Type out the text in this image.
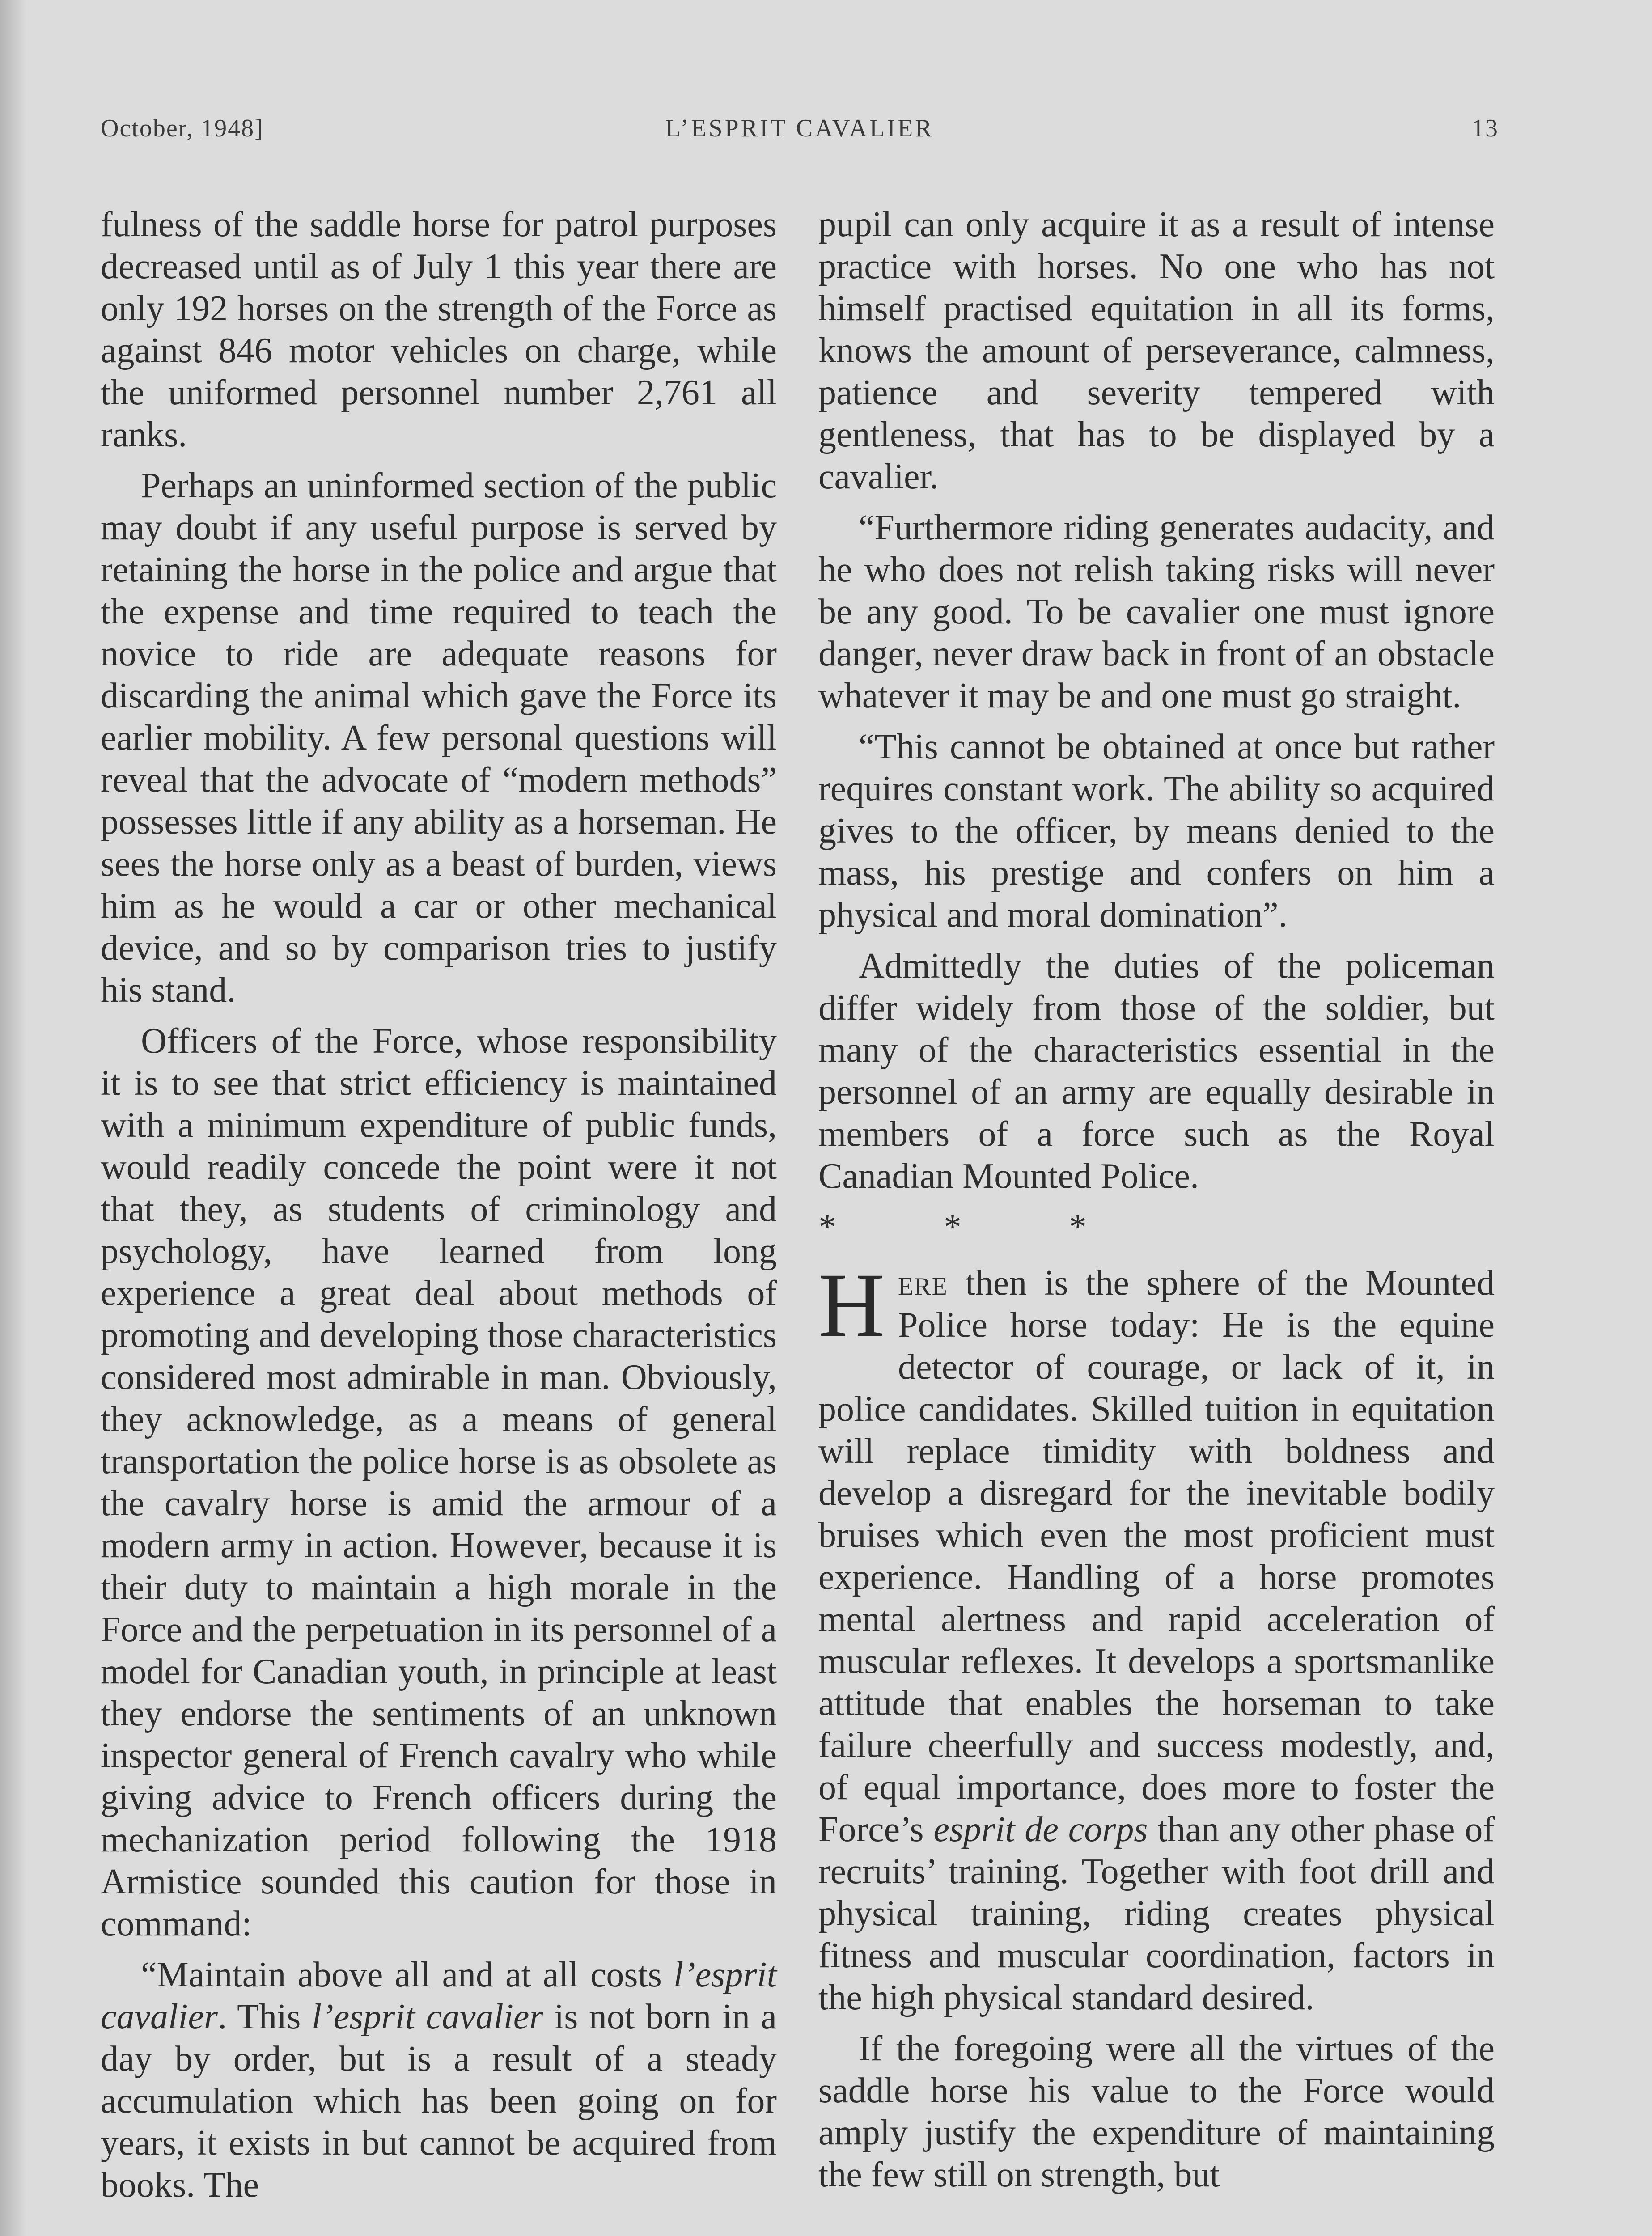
October, 1948]	L’ESPRIT CAVALIER	13

fulness of the saddle horse for patrol purposes decreased until as of July 1 this year there are only 192 horses on the strength of the Force as against 846 motor vehicles on charge, while the uniformed personnel number 2,761 all ranks.

Perhaps an uninformed section of the public may doubt if any useful purpose is served by retaining the horse in the police and argue that the expense and time required to teach the novice to ride are adequate reasons for discarding the animal which gave the Force its earlier mobility. A few personal questions will reveal that the advocate of “modern methods” possesses little if any ability as a horseman. He sees the horse only as a beast of burden, views him as he would a car or other mechanical device, and so by comparison tries to justify his stand.

Officers of the Force, whose responsibility it is to see that strict efficiency is maintained with a minimum expenditure of public funds, would readily concede the point were it not that they, as students of criminology and psychology, have learned from long experience a great deal about methods of promoting and developing those characteristics considered most admirable in man. Obviously, they acknowledge, as a means of general transportation the police horse is as obsolete as the cavalry horse is amid the armour of a modern army in action. However, because it is their duty to maintain a high morale in the Force and the perpetuation in its personnel of a model for Canadian youth, in principle at least they endorse the sentiments of an unknown inspector general of French cavalry who while giving advice to French officers during the mechanization period following the 1918 Armistice sounded this caution for those in command:

“Maintain above all and at all costs l’esprit cavalier. This l’esprit cavalier is not born in a day by order, but is a result of a steady accumulation which has been going on for years, it exists in but cannot be acquired from books. The

pupil can only acquire it as a result of intense practice with horses. No one who has not himself practised equitation in all its forms, knows the amount of perseverance, calmness, patience and severity tempered with gentleness, that has to be displayed by a cavalier.

“Furthermore riding generates audacity, and he who does not relish taking risks will never be any good. To be cavalier one must ignore danger, never draw back in front of an obstacle whatever it may be and one must go straight.

“This cannot be obtained at once but rather requires constant work. The ability so acquired gives to the officer, by means denied to the mass, his prestige and confers on him a physical and moral domination”.

Admittedly the duties of the policeman differ widely from those of the soldier, but many of the characteristics essential in the personnel of an army are equally desirable in members of a force such as the Royal Canadian Mounted Police.

* * *

Here then is the sphere of the Mounted Police horse today: He is the equine detector of courage, or lack of it, in police candidates. Skilled tuition in equitation will replace timidity with boldness and develop a disregard for the inevitable bodily bruises which even the most proficient must experience. Handling of a horse promotes mental alertness and rapid acceleration of muscular reflexes. It develops a sportsmanlike attitude that enables the horseman to take failure cheerfully and success modestly, and, of equal importance, does more to foster the Force’s esprit de corps than any other phase of recruits’ training. Together with foot drill and physical training, riding creates physical fitness and muscular coordination, factors in the high physical standard desired.

If the foregoing were all the virtues of the saddle horse his value to the Force would amply justify the expenditure of maintaining the few still on strength, but
